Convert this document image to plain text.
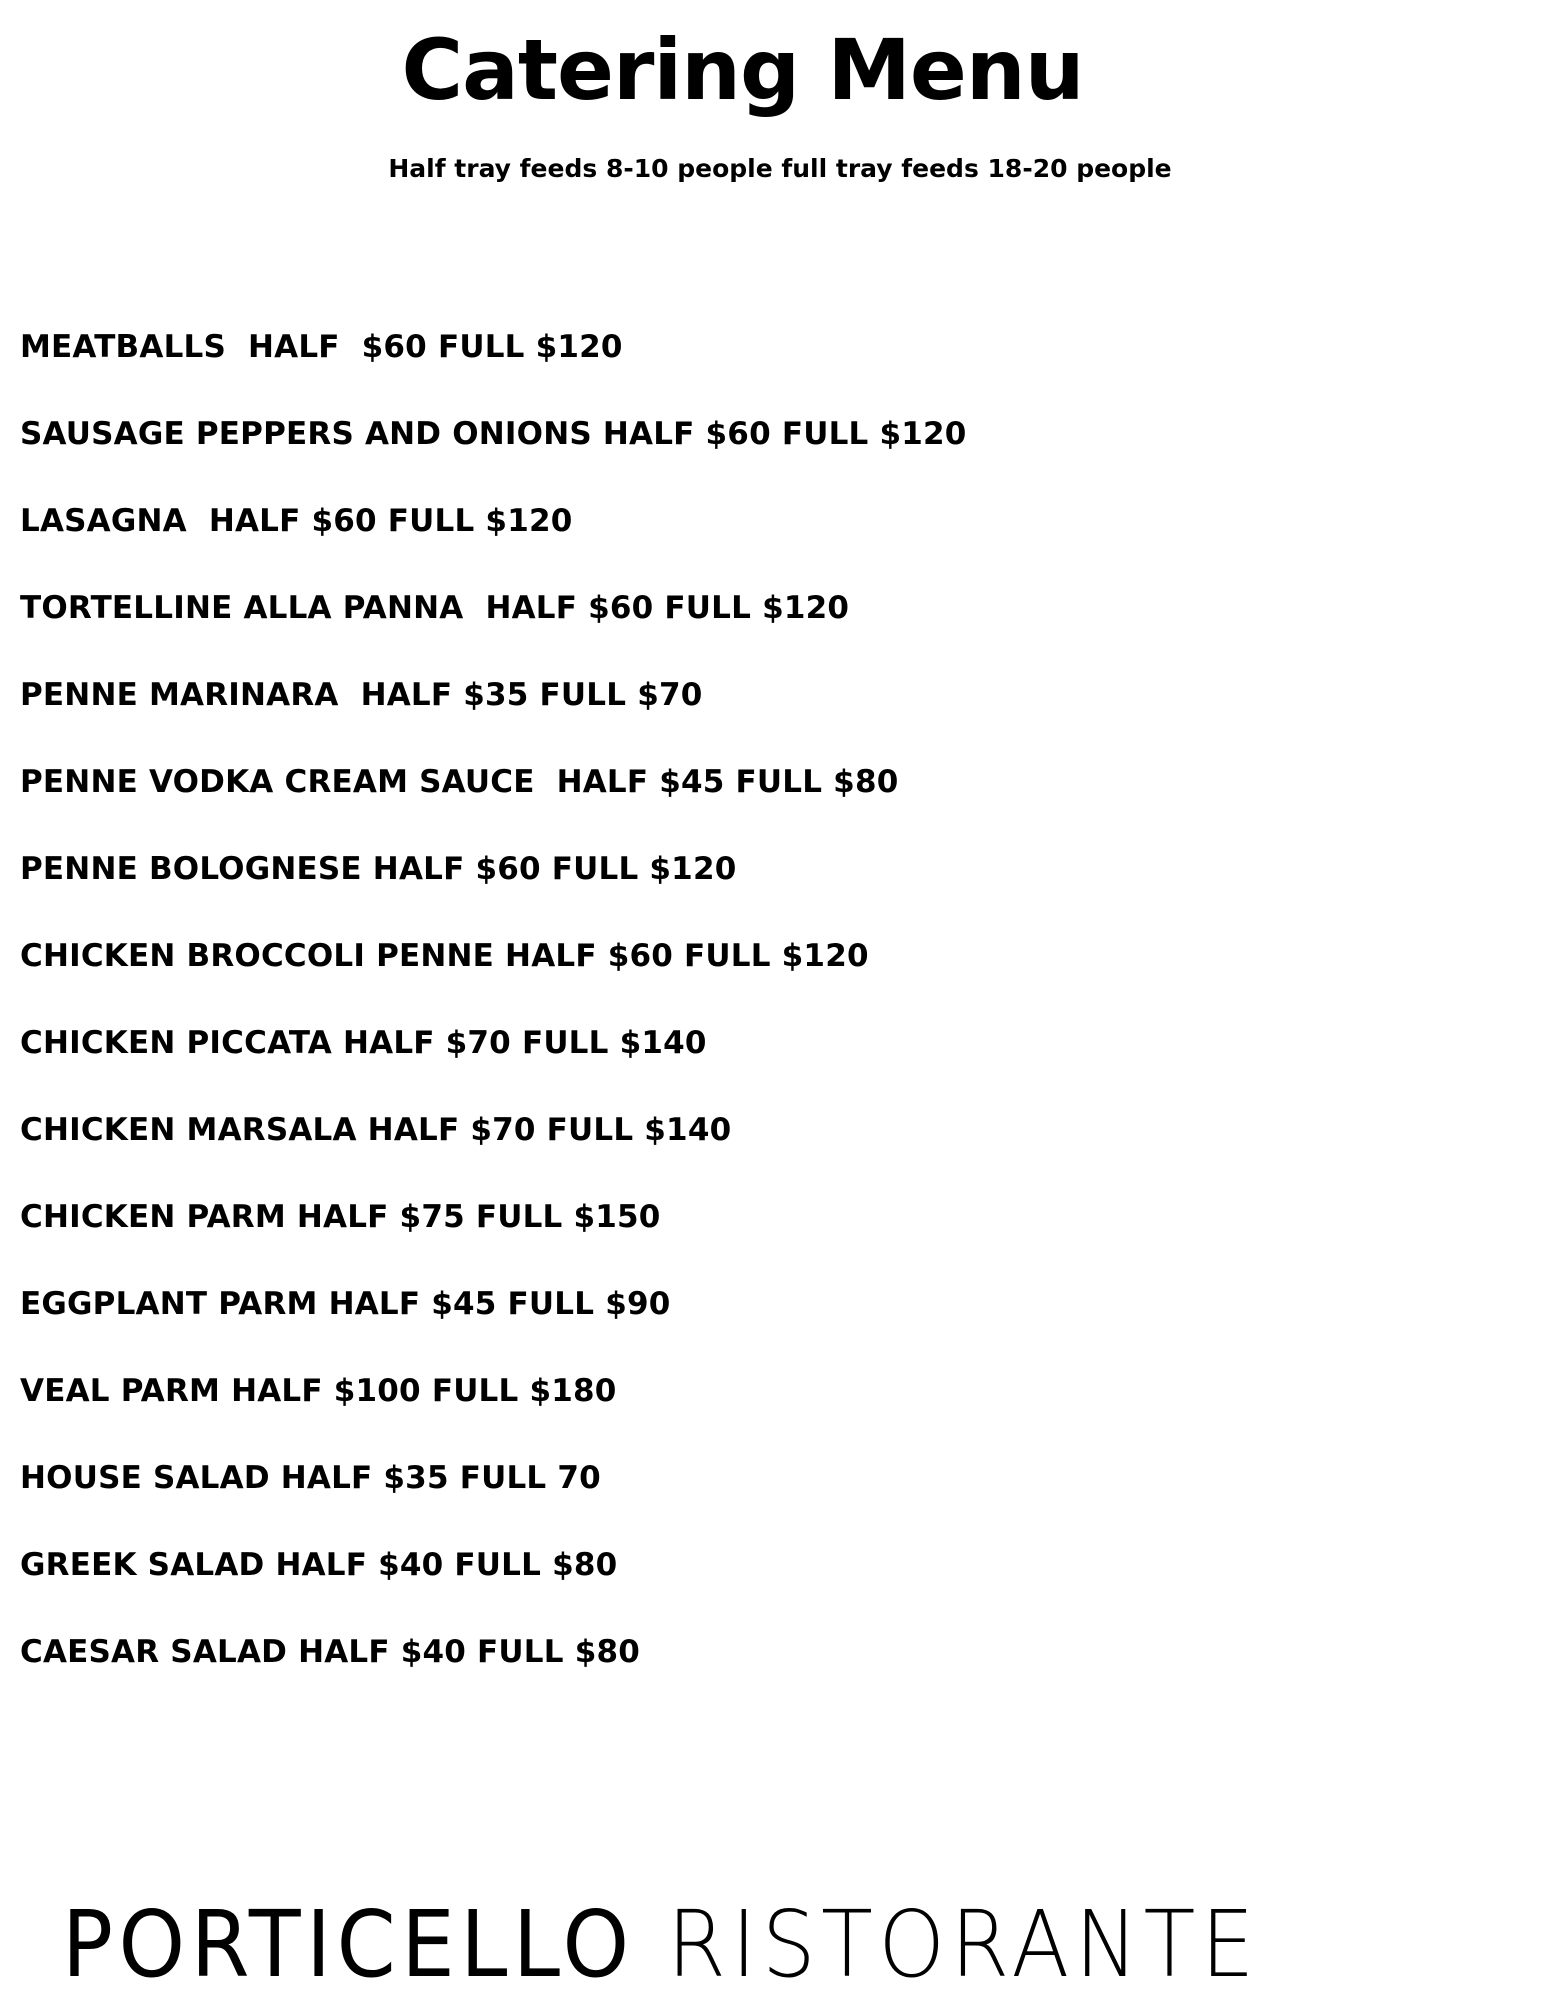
Catering Menu

Half tray feeds 8-10 people full tray feeds 18-20 people

MEATBALLS  HALF  $60 FULL $120
SAUSAGE PEPPERS AND ONIONS HALF $60 FULL $120
LASAGNA  HALF $60 FULL $120
TORTELLINE ALLA PANNA  HALF $60 FULL $120
PENNE MARINARA  HALF $35 FULL $70
PENNE VODKA CREAM SAUCE  HALF $45 FULL $80
PENNE BOLOGNESE HALF $60 FULL $120
CHICKEN BROCCOLI PENNE HALF $60 FULL $120
CHICKEN PICCATA HALF $70 FULL $140
CHICKEN MARSALA HALF $70 FULL $140
CHICKEN PARM HALF $75 FULL $150
EGGPLANT PARM HALF $45 FULL $90
VEAL PARM HALF $100 FULL $180
HOUSE SALAD HALF $35 FULL 70
GREEK SALAD HALF $40 FULL $80
CAESAR SALAD HALF $40 FULL $80
PORTICELLO RISTORANTE
